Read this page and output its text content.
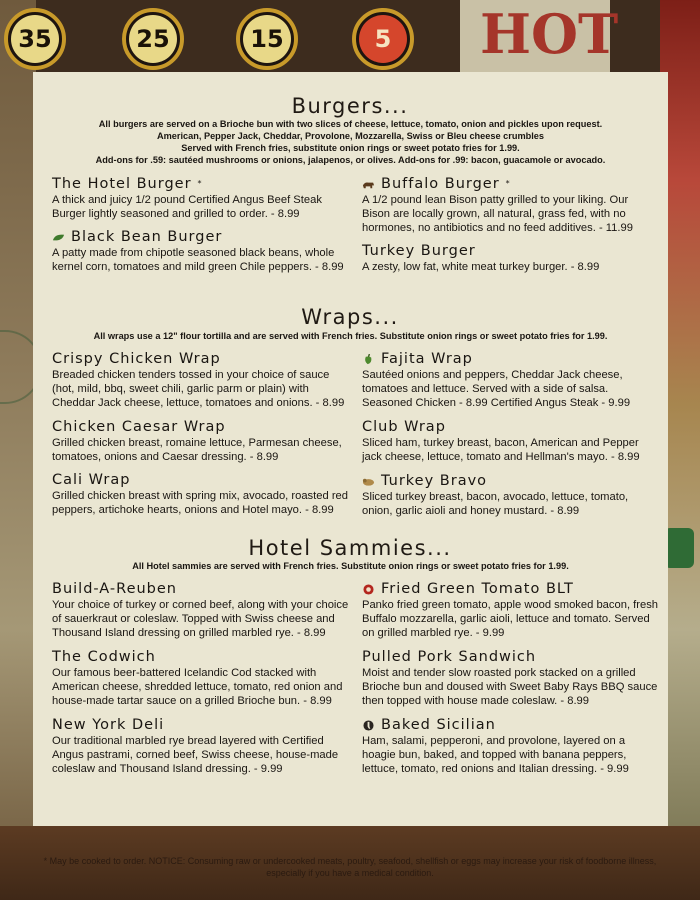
HOT
35	25	15	5
Burgers...
All burgers are served on a Brioche bun with two slices of cheese, lettuce, tomato, onion and pickles upon request.
American, Pepper Jack, Cheddar, Provolone, Mozzarella, Swiss or Bleu cheese crumbles
Served with French fries, substitute onion rings or sweet potato fries for 1.99.
Add-ons for .59: sautéed mushrooms or onions, jalapenos, or olives. Add-ons for .99: bacon, guacamole or avocado.
The Hotel Burger *
A thick and juicy 1/2 pound Certified Angus Beef Steak
Burger lightly seasoned and grilled to order. - 8.99
Buffalo Burger *
A 1/2 pound lean Bison patty grilled to your liking. Our
Bison are locally grown, all natural, grass fed, with no
hormones, no antibiotics and no feed additives. - 11.99
Black Bean Burger
A patty made from chipotle seasoned black beans, whole
kernel corn, tomatoes and mild green Chile peppers. - 8.99
Turkey Burger
A zesty, low fat, white meat turkey burger. - 8.99
Wraps...
All wraps use a 12" flour tortilla and are served with French fries. Substitute onion rings or sweet potato fries for 1.99.
Crispy Chicken Wrap
Breaded chicken tenders tossed in your choice of sauce
(hot, mild, bbq, sweet chili, garlic parm or plain) with
Cheddar Jack cheese, lettuce, tomatoes and onions. - 8.99
Fajita Wrap
Sautéed onions and peppers, Cheddar Jack cheese,
tomatoes and lettuce. Served with a side of salsa.
Seasoned Chicken - 8.99 Certified Angus Steak - 9.99
Chicken Caesar Wrap
Grilled chicken breast, romaine lettuce, Parmesan cheese,
tomatoes, onions and Caesar dressing. - 8.99
Club Wrap
Sliced ham, turkey breast, bacon, American and Pepper
jack cheese, lettuce, tomato and Hellman's mayo. - 8.99
Cali Wrap
Grilled chicken breast with spring mix, avocado, roasted red
peppers, artichoke hearts, onions and Hotel mayo. - 8.99
Turkey Bravo
Sliced turkey breast, bacon, avocado, lettuce, tomato,
onion, garlic aioli and honey mustard. - 8.99
Hotel Sammies...
All Hotel sammies are served with French fries. Substitute onion rings or sweet potato fries for 1.99.
Build-A-Reuben
Your choice of turkey or corned beef, along with your choice
of sauerkraut or coleslaw. Topped with Swiss cheese and
Thousand Island dressing on grilled marbled rye. - 8.99
Fried Green Tomato BLT
Panko fried green tomato, apple wood smoked bacon, fresh
Buffalo mozzarella, garlic aioli, lettuce and tomato. Served
on grilled marbled rye. - 9.99
The Codwich
Our famous beer-battered Icelandic Cod stacked with
American cheese, shredded lettuce, tomato, red onion and
house-made tartar sauce on a grilled Brioche bun. - 8.99
Pulled Pork Sandwich
Moist and tender slow roasted pork stacked on a grilled
Brioche bun and doused with Sweet Baby Rays BBQ sauce
then topped with house made coleslaw. - 8.99
New York Deli
Our traditional marbled rye bread layered with Certified
Angus pastrami, corned beef, Swiss cheese, house-made
coleslaw and Thousand Island dressing. - 9.99
Baked Sicilian
Ham, salami, pepperoni, and provolone, layered on a
hoagie bun, baked, and topped with banana peppers,
lettuce, tomato, red onions and Italian dressing. - 9.99
* May be cooked to order. NOTICE: Consuming raw or undercooked meats, poultry, seafood, shellfish or eggs may increase your risk of foodborne illness, especially if you have a medical condition.
